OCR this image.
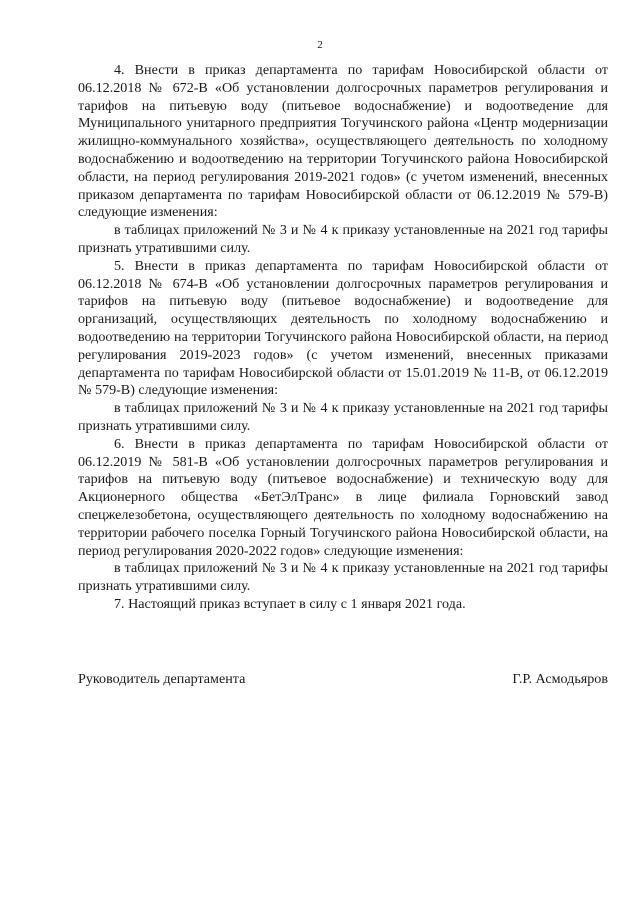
2

4. Внести в приказ департамента по тарифам Новосибирской области от 06.12.2018 № 672-В «Об установлении долгосрочных параметров регулирования и тарифов на питьевую воду (питьевое водоснабжение) и водоотведение для Муниципального унитарного предприятия Тогучинского района «Центр модернизации жилищно-коммунального хозяйства», осуществляющего деятельность по холодному водоснабжению и водоотведению на территории Тогучинского района Новосибирской области, на период регулирования 2019-2021 годов» (с учетом изменений, внесенных приказом департамента по тарифам Новосибирской области от 06.12.2019 № 579-В) следующие изменения:

в таблицах приложений № 3 и № 4 к приказу установленные на 2021 год тарифы признать утратившими силу.

5. Внести в приказ департамента по тарифам Новосибирской области от 06.12.2018 № 674-В «Об установлении долгосрочных параметров регулирования и тарифов на питьевую воду (питьевое водоснабжение) и водоотведение для организаций, осуществляющих деятельность по холодному водоснабжению и водоотведению на территории Тогучинского района Новосибирской области, на период регулирования 2019-2023 годов» (с учетом изменений, внесенных приказами департамента по тарифам Новосибирской области от 15.01.2019 № 11-В, от 06.12.2019 № 579-В) следующие изменения:

в таблицах приложений № 3 и № 4 к приказу установленные на 2021 год тарифы признать утратившими силу.

6. Внести в приказ департамента по тарифам Новосибирской области от 06.12.2019 № 581-В «Об установлении долгосрочных параметров регулирования и тарифов на питьевую воду (питьевое водоснабжение) и техническую воду для Акционерного общества «БетЭлТранс» в лице филиала Горновский завод спецжелезобетона, осуществляющего деятельность по холодному водоснабжению на территории рабочего поселка Горный Тогучинского района Новосибирской области, на период регулирования 2020-2022 годов» следующие изменения:

в таблицах приложений № 3 и № 4 к приказу установленные на 2021 год тарифы признать утратившими силу.

7. Настоящий приказ вступает в силу с 1 января 2021 года.

Руководитель департамента	Г.Р. Асмодьяров
